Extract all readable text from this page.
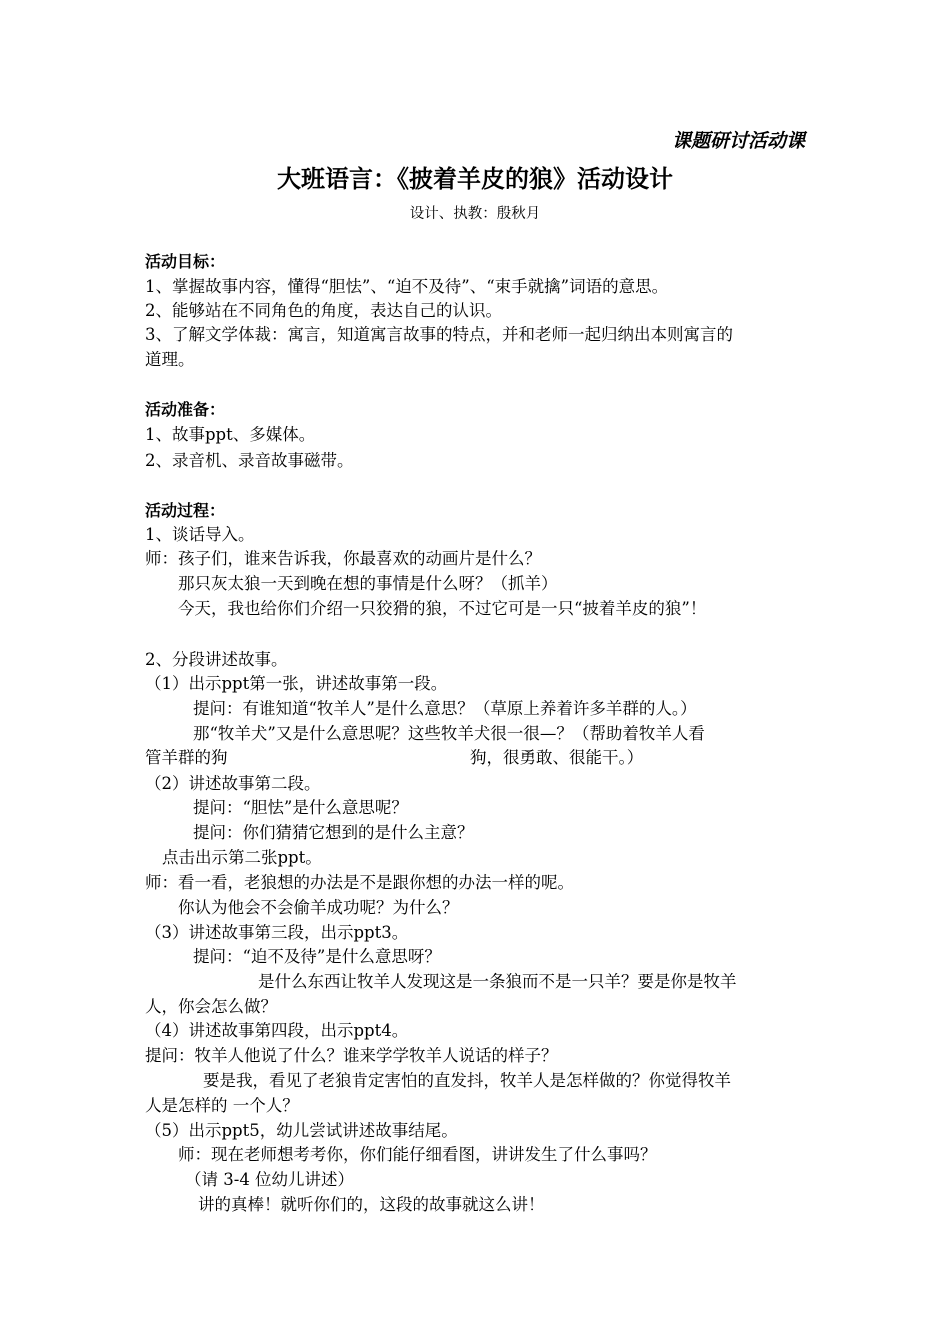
课题研讨活动课
大班语言：《披着羊皮的狼》活动设计
设计、执教：殷秋月
活动目标：
1、掌握故事内容，懂得“胆怯”、“迫不及待”、“束手就擒”词语的意思。
2、能够站在不同角色的角度，表达自己的认识。
3、了解文学体裁：寓言，知道寓言故事的特点，并和老师一起归纳出本则寓言的
道理。
活动准备：
1、故事ppt、多媒体。
2、录音机、录音故事磁带。
活动过程：
1、谈话导入。
师：孩子们，谁来告诉我，你最喜欢的动画片是什么？
那只灰太狼一天到晚在想的事情是什么呀？（抓羊）
今天，我也给你们介绍一只狡猾的狼，不过它可是一只“披着羊皮的狼”！
2、分段讲述故事。
（1）出示ppt第一张，讲述故事第一段。
提问：有谁知道“牧羊人”是什么意思？（草原上养着许多羊群的人。）
那“牧羊犬”又是什么意思呢？这些牧羊犬很一很—？（帮助着牧羊人看
管羊群的狗	狗，很勇敢、很能干。）
（2）讲述故事第二段。
提问：“胆怯”是什么意思呢？
提问：你们猜猜它想到的是什么主意？
点击出示第二张ppt。
师：看一看，老狼想的办法是不是跟你想的办法一样的呢。
你认为他会不会偷羊成功呢？为什么？
（3）讲述故事第三段，出示ppt3。
提问：“迫不及待”是什么意思呀？
是什么东西让牧羊人发现这是一条狼而不是一只羊？要是你是牧羊
人，你会怎么做？
（4）讲述故事第四段，出示ppt4。
提问：牧羊人他说了什么？谁来学学牧羊人说话的样子？
要是我，看见了老狼肯定害怕的直发抖，牧羊人是怎样做的？你觉得牧羊
人是怎样的 一个人？
（5）出示ppt5，幼儿尝试讲述故事结尾。
师：现在老师想考考你，你们能仔细看图，讲讲发生了什么事吗？
（请 3-4 位幼儿讲述）
讲的真棒！就听你们的，这段的故事就这么讲！
